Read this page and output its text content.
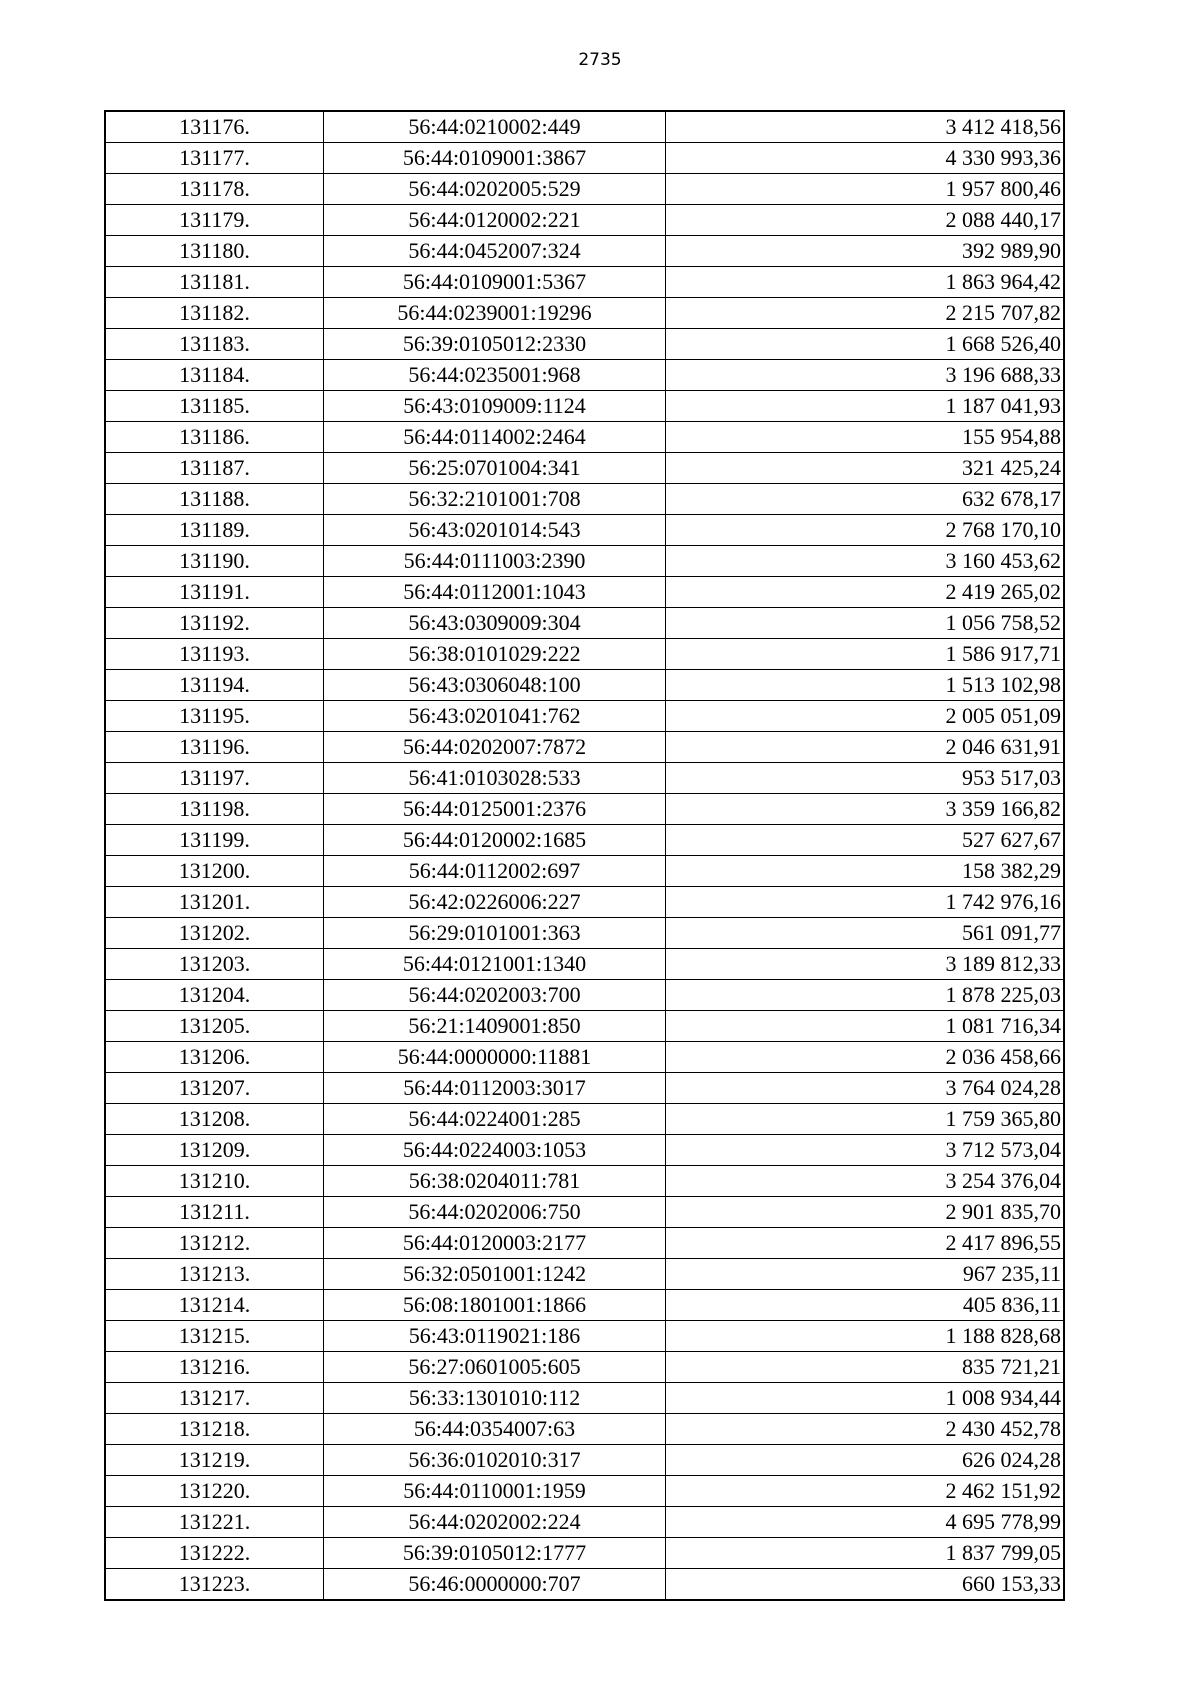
2735
131176.	56:44:0210002:449	3 412 418,56
131177.	56:44:0109001:3867	4 330 993,36
131178.	56:44:0202005:529	1 957 800,46
131179.	56:44:0120002:221	2 088 440,17
131180.	56:44:0452007:324	392 989,90
131181.	56:44:0109001:5367	1 863 964,42
131182.	56:44:0239001:19296	2 215 707,82
131183.	56:39:0105012:2330	1 668 526,40
131184.	56:44:0235001:968	3 196 688,33
131185.	56:43:0109009:1124	1 187 041,93
131186.	56:44:0114002:2464	155 954,88
131187.	56:25:0701004:341	321 425,24
131188.	56:32:2101001:708	632 678,17
131189.	56:43:0201014:543	2 768 170,10
131190.	56:44:0111003:2390	3 160 453,62
131191.	56:44:0112001:1043	2 419 265,02
131192.	56:43:0309009:304	1 056 758,52
131193.	56:38:0101029:222	1 586 917,71
131194.	56:43:0306048:100	1 513 102,98
131195.	56:43:0201041:762	2 005 051,09
131196.	56:44:0202007:7872	2 046 631,91
131197.	56:41:0103028:533	953 517,03
131198.	56:44:0125001:2376	3 359 166,82
131199.	56:44:0120002:1685	527 627,67
131200.	56:44:0112002:697	158 382,29
131201.	56:42:0226006:227	1 742 976,16
131202.	56:29:0101001:363	561 091,77
131203.	56:44:0121001:1340	3 189 812,33
131204.	56:44:0202003:700	1 878 225,03
131205.	56:21:1409001:850	1 081 716,34
131206.	56:44:0000000:11881	2 036 458,66
131207.	56:44:0112003:3017	3 764 024,28
131208.	56:44:0224001:285	1 759 365,80
131209.	56:44:0224003:1053	3 712 573,04
131210.	56:38:0204011:781	3 254 376,04
131211.	56:44:0202006:750	2 901 835,70
131212.	56:44:0120003:2177	2 417 896,55
131213.	56:32:0501001:1242	967 235,11
131214.	56:08:1801001:1866	405 836,11
131215.	56:43:0119021:186	1 188 828,68
131216.	56:27:0601005:605	835 721,21
131217.	56:33:1301010:112	1 008 934,44
131218.	56:44:0354007:63	2 430 452,78
131219.	56:36:0102010:317	626 024,28
131220.	56:44:0110001:1959	2 462 151,92
131221.	56:44:0202002:224	4 695 778,99
131222.	56:39:0105012:1777	1 837 799,05
131223.	56:46:0000000:707	660 153,33
